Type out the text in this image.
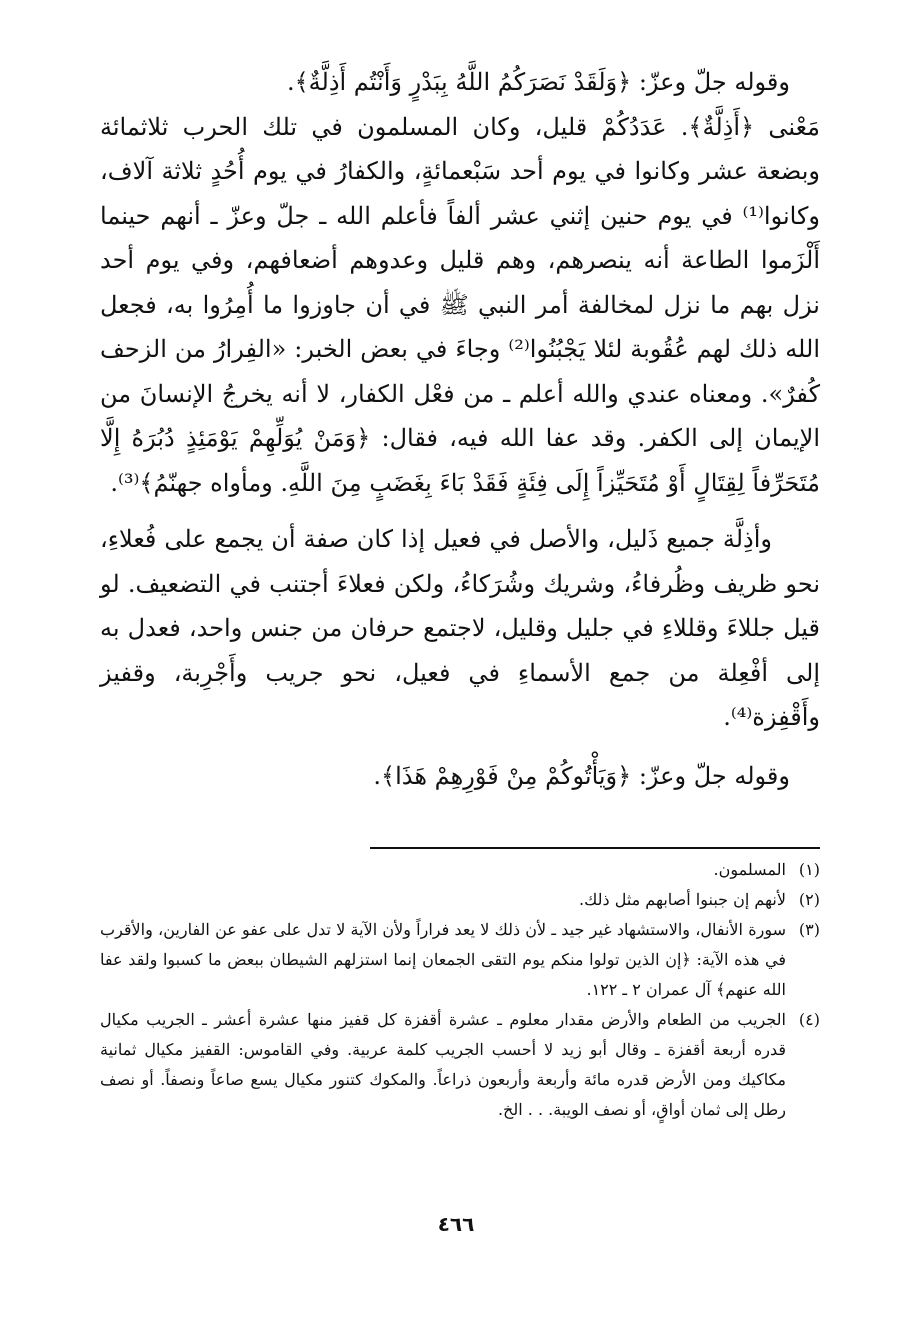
وقوله جلّ وعزّ: ﴿وَلَقَدْ نَصَرَكُمُ اللَّهُ بِبَدْرٍ وَأَنْتُم أَذِلَّةٌ﴾.

مَعْنى ﴿أَذِلَّةٌ﴾. عَدَدُكُمْ قليل، وكان المسلمون في تلك الحرب ثلاثمائة وبضعة عشر وكانوا في يوم أحد سَبْعمائةٍ، والكفارُ في يوم أُحُدٍ ثلاثة آلاف، وكانوا⁽¹⁾ في يوم حنين إثني عشر ألفاً فأعلم الله ـ جلّ وعزّ ـ أنهم حينما أَلْزَموا الطاعة أنه ينصرهم، وهم قليل وعدوهم أضعافهم، وفي يوم أحد نزل بهم ما نزل لمخالفة أمر النبي ﷺ في أن جاوزوا ما أُمِرُوا به، فجعل الله ذلك لهم عُقُوبة لئلا يَجْبُنُوا⁽²⁾ وجاءَ في بعض الخبر: «الفِرارُ من الزحف كُفرٌ». ومعناه عندي والله أعلم ـ من فعْل الكفار، لا أنه يخرجُ الإنسانَ من الإيمان إلى الكفر. وقد عفا الله فيه، فقال: ﴿وَمَنْ يُوَلِّهِمْ يَوْمَئِذٍ دُبُرَهُ إِلَّا مُتَحَرِّفاً لِقِتَالٍ أَوْ مُتَحَيِّزاً إِلَى فِئَةٍ فَقَدْ بَاءَ بِغَضَبٍ مِنَ اللَّهِ. ومأواه جهنّمُ﴾⁽³⁾.

وأذِلَّة جميع ذَليل، والأصل في فعيل إذا كان صفة أن يجمع على فُعلاءِ، نحو ظريف وظُرفاءُ، وشريك وشُرَكاءُ، ولكن فعلاءَ أجتنب في التضعيف. لو قيل جللاءَ وقللاءِ في جليل وقليل، لاجتمع حرفان من جنس واحد، فعدل به إلى أفْعِلة من جمع الأسماءِ في فعيل، نحو جريب وأَجْرِبة، وقفيز وأَقْفِزة⁽⁴⁾.

وقوله جلّ وعزّ: ﴿وَيَأْتُوكُمْ مِنْ فَوْرِهِمْ هَذَا﴾.

(١)
المسلمون.

(٢)
لأنهم إن جبنوا أصابهم مثل ذلك.

(٣)
سورة الأنفال، والاستشهاد غير جيد ـ لأن ذلك لا يعد فراراً ولأن الآية لا تدل على عفو عن الفارين، والأقرب في هذه الآية: ﴿إن الذين تولوا منكم يوم التقى الجمعان إنما استزلهم الشيطان ببعض ما كسبوا ولقد عفا الله عنهم﴾ آل عمران ٢ ـ ١٢٢.

(٤)
الجريب من الطعام والأرض مقدار معلوم ـ عشرة أقفزة كل قفيز منها عشرة أعشر ـ الجريب مكيال قدره أربعة أقفزة ـ وقال أبو زيد لا أحسب الجريب كلمة عربية. وفي القاموس: القفيز مكيال ثمانية مكاكيك ومن الأرض قدره مائة وأربعة وأربعون ذراعاً. والمكوك كتنور مكيال يسع صاعاً ونصفاً. أو نصف رطل إلى ثمان أواقٍ، أو نصف الويبة. . . الخ.

٤٦٦
